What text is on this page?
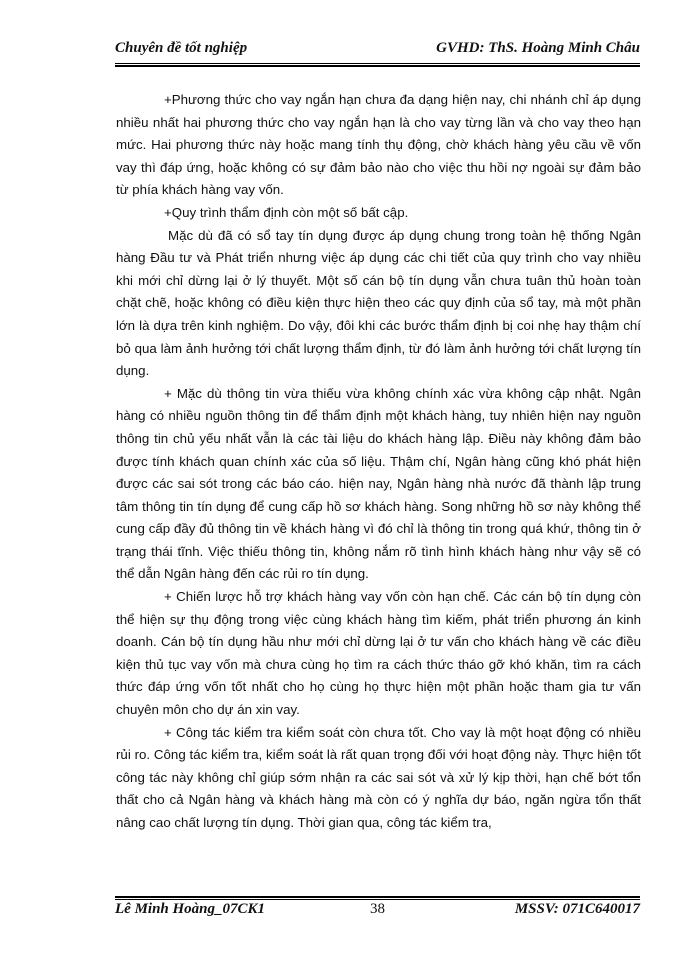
Chuyên đề tốt nghiệp	GVHD: ThS. Hoàng Minh Châu

+Phương thức cho vay ngắn hạn chưa đa dạng hiện nay, chi nhánh chỉ áp dụng nhiều nhất hai phương thức cho vay ngắn hạn là cho vay từng lần và cho vay theo hạn mức. Hai phương thức này hoặc mang tính thụ động, chờ khách hàng yêu cầu về vốn vay thì đáp ứng, hoặc không có sự đảm bảo nào cho việc thu hồi nợ ngoài sự đảm bảo từ phía khách hàng vay vốn.

+Quy trình thẩm định còn một số bất cập.

Mặc dù đã có sổ tay tín dụng được áp dụng chung trong toàn hệ thống Ngân hàng Đầu tư và Phát triển nhưng việc áp dụng các chi tiết của quy trình cho vay nhiều khi mới chỉ dừng lại ở lý thuyết. Một số cán bộ tín dụng vẫn chưa tuân thủ hoàn toàn chặt chẽ, hoặc không có điều kiện thực hiện theo các quy định của sổ tay, mà một phần lớn là dựa trên kinh nghiệm. Do vậy, đôi khi các bước thẩm định bị coi nhẹ hay thậm chí bỏ qua làm ảnh hưởng tới chất lượng thẩm định, từ đó làm ảnh hưởng tới chất lượng tín dụng.

+ Mặc dù thông tin vừa thiếu vừa không chính xác vừa không cập nhật. Ngân hàng có nhiều nguồn thông tin để thẩm định một khách hàng, tuy nhiên hiện nay nguồn thông tin chủ yếu nhất vẫn là các tài liệu do khách hàng lập. Điều này không đảm bảo được tính khách quan chính xác của số liệu. Thậm chí, Ngân hàng cũng khó phát hiện được các sai sót trong các báo cáo. hiện nay, Ngân hàng nhà nước đã thành lập trung tâm thông tin tín dụng để cung cấp hồ sơ khách hàng. Song những hồ sơ này không thể cung cấp đầy đủ thông tin về khách hàng vì đó chỉ là thông tin trong quá khứ, thông tin ở trạng thái tĩnh. Việc thiếu thông tin, không nắm rõ tình hình khách hàng như vậy sẽ có thể dẫn Ngân hàng đến các rủi ro tín dụng.

+ Chiến lược hỗ trợ khách hàng vay vốn còn hạn chế. Các cán bộ tín dụng còn thể hiện sự thụ động trong việc cùng khách hàng tìm kiếm, phát triển phương án kinh doanh. Cán bộ tín dụng hầu như mới chỉ dừng lại ở tư vấn cho khách hàng về các điều kiện thủ tục vay vốn mà chưa cùng họ tìm ra cách thức tháo gỡ khó khăn, tìm ra cách thức đáp ứng vốn tốt nhất cho họ cùng họ thực hiện một phần hoặc tham gia tư vấn chuyên môn cho dự án xin vay.

+ Công tác kiểm tra kiểm soát còn chưa tốt. Cho vay là một hoạt động có nhiều rủi ro. Công tác kiểm tra, kiểm soát là rất quan trọng đối với hoạt động này. Thực hiện tốt công tác này không chỉ giúp sớm nhận ra các sai sót và xử lý kịp thời, hạn chế bớt tổn thất cho cả Ngân hàng và khách hàng mà còn có ý nghĩa dự báo, ngăn ngừa tổn thất nâng cao chất lượng tín dụng. Thời gian qua, công tác kiểm tra,

Lê Minh Hoàng_07CK1	38	MSSV: 071C640017
